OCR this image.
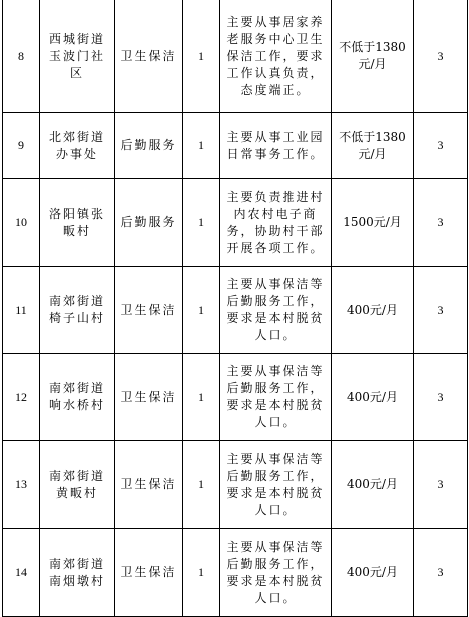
8	西城街道玉波门社区	卫生保洁	1	主要从事居家养老服务中心卫生保洁工作，要求工作认真负责，态度端正。	不低于1380元/月	3
9	北郊街道办事处	后勤服务	1	主要从事工业园日常事务工作。	不低于1380元/月	3
10	洛阳镇张畈村	后勤服务	1	主要负责推进村内农村电子商务，协助村干部开展各项工作。	1500元/月	3
11	南郊街道椅子山村	卫生保洁	1	主要从事保洁等后勤服务工作，要求是本村脱贫人口。	400元/月	3
12	南郊街道响水桥村	卫生保洁	1	主要从事保洁等后勤服务工作，要求是本村脱贫人口。	400元/月	3
13	南郊街道黄畈村	卫生保洁	1	主要从事保洁等后勤服务工作，要求是本村脱贫人口。	400元/月	3
14	南郊街道南烟墩村	卫生保洁	1	主要从事保洁等后勤服务工作，要求是本村脱贫人口。	400元/月	3
